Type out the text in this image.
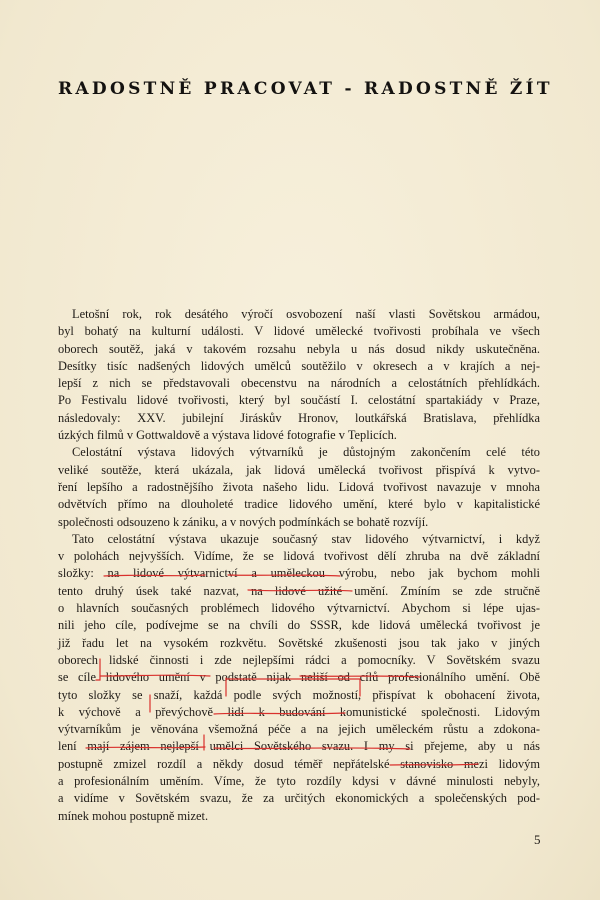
RADOSTNĚ PRACOVAT - RADOSTNĚ ŽÍT
Letošní rok, rok desátého výročí osvobození naší vlasti Sovětskou armádou,
byl bohatý na kulturní události. V lidové umělecké tvořivosti probíhala ve všech
oborech soutěž, jaká v takovém rozsahu nebyla u nás dosud nikdy uskutečněna.
Desítky tisíc nadšených lidových umělců soutěžilo v okresech a v krajích a nej-
lepší z nich se představovali obecenstvu na národních a celostátních přehlídkách.
Po Festivalu lidové tvořivosti, který byl součástí I. celostátní spartakiády v Praze,
následovaly: XXV. jubilejní Jiráskův Hronov, loutkářská Bratislava, přehlídka
úzkých filmů v Gottwaldově a výstava lidové fotografie v Teplicích.
Celostátní výstava lidových výtvarníků je důstojným zakončením celé této
veliké soutěže, která ukázala, jak lidová umělecká tvořivost přispívá k vytvo-
ření lepšího a radostnějšího života našeho lidu. Lidová tvořivost navazuje v mnoha
odvětvích přímo na dlouholeté tradice lidového umění, které bylo v kapitalistické
společnosti odsouzeno k zániku, a v nových podmínkách se bohatě rozvíjí.
Tato celostátní výstava ukazuje současný stav lidového výtvarnictví, i když
v polohách nejvyšších. Vidíme, že se lidová tvořivost dělí zhruba na dvě základní
složky: na lidové výtvarnictví a uměleckou výrobu, nebo jak bychom mohli
tento druhý úsek také nazvat, na lidové užité umění. Zmíním se zde stručně
o hlavních současných problémech lidového výtvarnictví. Abychom si lépe ujas-
nili jeho cíle, podívejme se na chvíli do SSSR, kde lidová umělecká tvořivost je
již řadu let na vysokém rozkvětu. Sovětské zkušenosti jsou tak jako v jiných
oborech lidské činnosti i zde nejlepšími rádci a pomocníky. V Sovětském svazu
se cíle lidového umění v podstatě nijak neliší od cílů profesionálního umění. Obě
tyto složky se snaží, každá podle svých možností, přispívat k obohacení života,
k výchově a převýchově lidí k budování komunistické společnosti. Lidovým
výtvarníkům je věnována všemožná péče a na jejich uměleckém růstu a zdokona-
lení mají zájem nejlepší umělci Sovětského svazu. I my si přejeme, aby u nás
postupně zmizel rozdíl a někdy dosud téměř nepřátelské stanovisko mezi lidovým
a profesionálním uměním. Víme, že tyto rozdíly kdysi v dávné minulosti nebyly,
a vidíme v Sovětském svazu, že za určitých ekonomických a společenských pod-
mínek mohou postupně mizet.
5
